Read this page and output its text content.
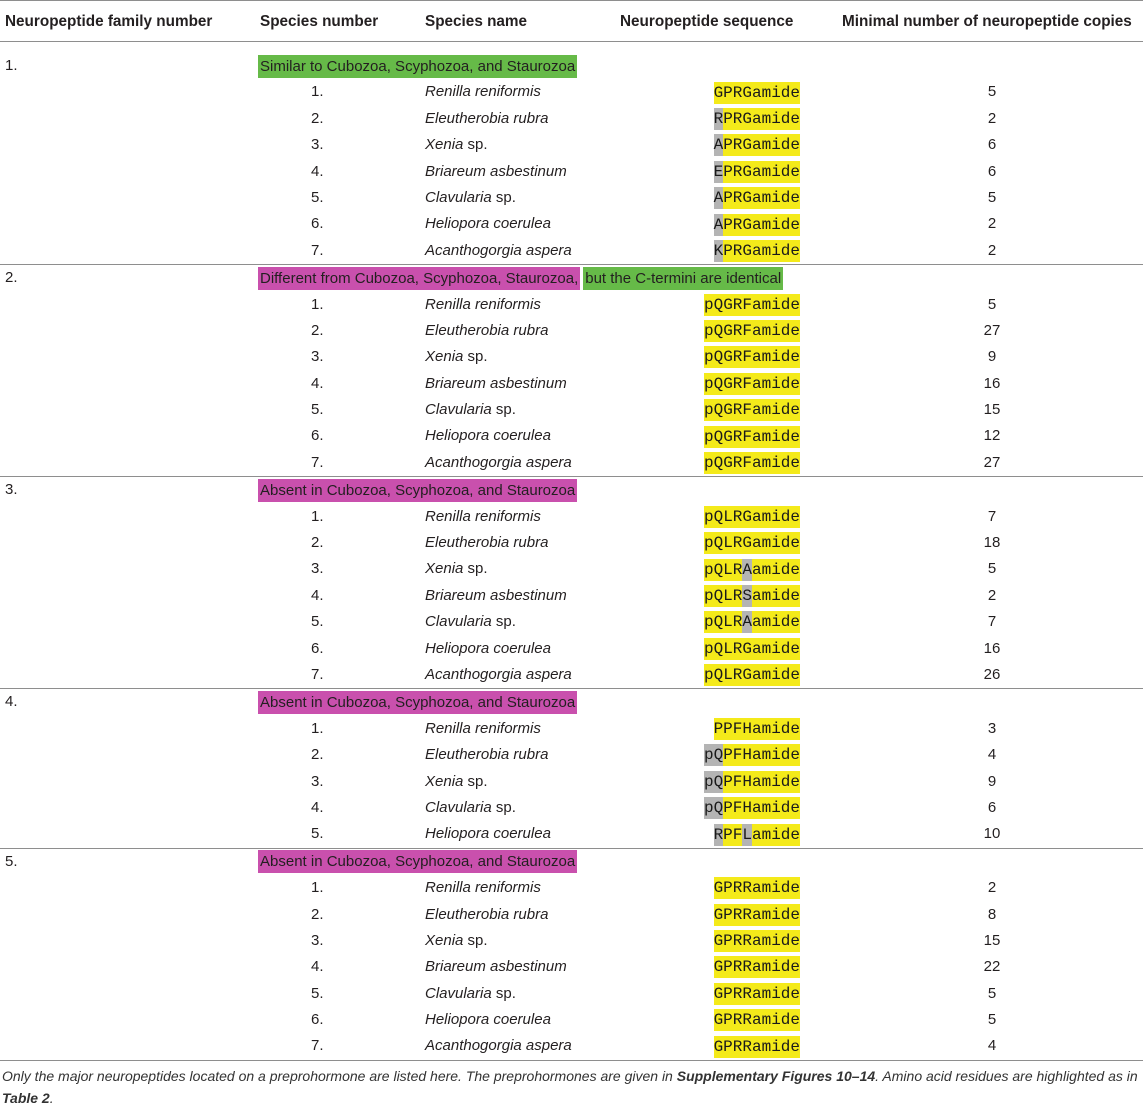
Neuropeptide family number	Species number	Species name	Neuropeptide sequence	Minimal number of neuropeptide copies
1.	Similar to Cubozoa, Scyphozoa, and Staurozoa
1.	Renilla reniformis	GPRGamide	5
2.	Eleutherobia rubra	R PRGamide	2
3.	Xenia sp.	A PRGamide	6
4.	Briareum asbestinum	E PRGamide	6
5.	Clavularia sp.	A PRGamide	5
6.	Heliopora coerulea	A PRGamide	2
7.	Acanthogorgia aspera	K PRGamide	2
2.	Different from Cubozoa, Scyphozoa, Staurozoa, but the C-termini are identical
1.	Renilla reniformis	pQGRFamide	5
2.	Eleutherobia rubra	pQGRFamide	27
3.	Xenia sp.	pQGRFamide	9
4.	Briareum asbestinum	pQGRFamide	16
5.	Clavularia sp.	pQGRFamide	15
6.	Heliopora coerulea	pQGRFamide	12
7.	Acanthogorgia aspera	pQGRFamide	27
3.	Absent in Cubozoa, Scyphozoa, and Staurozoa
1.	Renilla reniformis	pQLRGamide	7
2.	Eleutherobia rubra	pQLRGamide	18
3.	Xenia sp.	pQLR A amide	5
4.	Briareum asbestinum	pQLR S amide	2
5.	Clavularia sp.	pQLR A amide	7
6.	Heliopora coerulea	pQLRGamide	16
7.	Acanthogorgia aspera	pQLRGamide	26
4.	Absent in Cubozoa, Scyphozoa, and Staurozoa
1.	Renilla reniformis	PPFHamide	3
2.	Eleutherobia rubra	pQ PFHamide	4
3.	Xenia sp.	pQ PFHamide	9
4.	Clavularia sp.	pQ PFHamide	6
5.	Heliopora coerulea	R PF L amide	10
5.	Absent in Cubozoa, Scyphozoa, and Staurozoa
1.	Renilla reniformis	GPRRamide	2
2.	Eleutherobia rubra	GPRRamide	8
3.	Xenia sp.	GPRRamide	15
4.	Briareum asbestinum	GPRRamide	22
5.	Clavularia sp.	GPRRamide	5
6.	Heliopora coerulea	GPRRamide	5
7.	Acanthogorgia aspera	GPRRamide	4
Only the major neuropeptides located on a preprohormone are listed here. The preprohormones are given in Supplementary Figures 10–14. Amino acid residues are highlighted as in Table 2.
